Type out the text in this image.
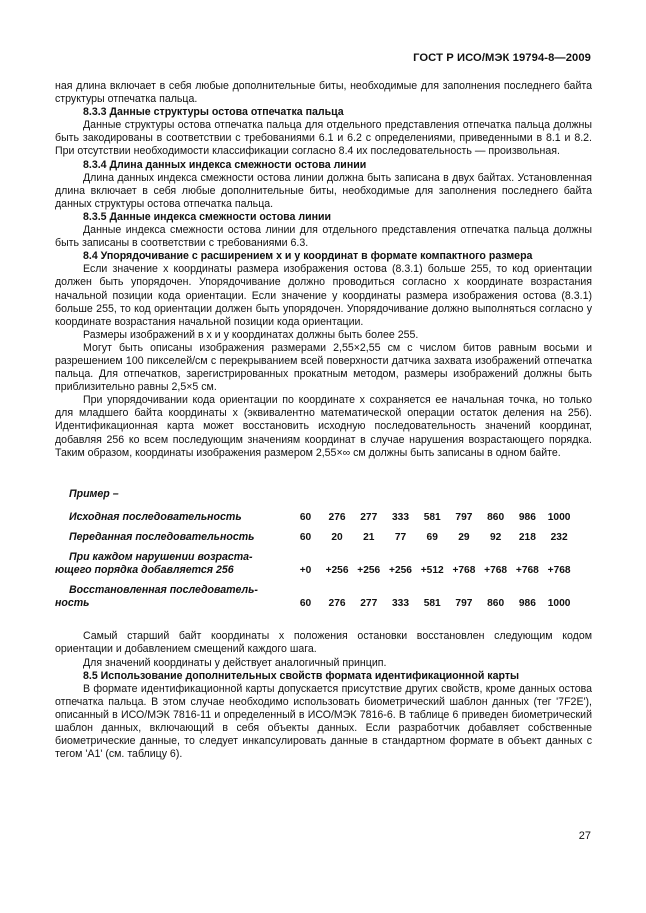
ГОСТ Р ИСО/МЭК 19794-8—2009

ная длина включает в себя любые дополнительные биты, необходимые для заполнения последнего байта структуры отпечатка пальца.

8.3.3 Данные структуры остова отпечатка пальца

Данные структуры остова отпечатка пальца для отдельного представления отпечатка пальца должны быть закодированы в соответствии с требованиями 6.1 и 6.2 с определениями, приведенными в 8.1 и 8.2. При отсутствии необходимости классификации согласно 8.4 их последовательность — произвольная.

8.3.4 Длина данных индекса смежности остова линии

Длина данных индекса смежности остова линии должна быть записана в двух байтах. Установленная длина включает в себя любые дополнительные биты, необходимые для заполнения последнего байта данных структуры остова отпечатка пальца.

8.3.5 Данные индекса смежности остова линии

Данные индекса смежности остова линии для отдельного представления отпечатка пальца должны быть записаны в соответствии с требованиями 6.3.

8.4 Упорядочивание с расширением x и y координат в формате компактного размера

Если значение x координаты размера изображения остова (8.3.1) больше 255, то код ориентации должен быть упорядочен. Упорядочивание должно проводиться согласно x координате возрастания начальной позиции кода ориентации. Если значение y координаты размера изображения остова (8.3.1) больше 255, то код ориентации должен быть упорядочен. Упорядочивание должно выполняться согласно y координате возрастания начальной позиции кода ориентации.

Размеры изображений в x и y координатах должны быть более 255.

Могут быть описаны изображения размерами 2,55×2,55 см с числом битов равным восьми и разрешением 100 пикселей/см с перекрыванием всей поверхности датчика захвата изображений отпечатка пальца. Для отпечатков, зарегистрированных прокатным методом, размеры изображений должны быть приблизительно равны 2,5×5 см.

При упорядочивании кода ориентации по координате x сохраняется ее начальная точка, но только для младшего байта координаты x (эквивалентно математической операции остаток деления на 256). Идентификационная карта может восстановить исходную последовательность значений координат, добавляя 256 ко всем последующим значениям координат в случае нарушения возрастающего порядка. Таким образом, координаты изображения размером 2,55×∞ см должны быть записаны в одном байте.

Пример –
Исходная последовательность	60	276	277	333	581	797	860	986	1000

Переданная последовательность	60	20	21	77	69	29	92	218	232

При каждом нарушении возраста-
ющего порядка добавляется 256	+0	+256	+256	+256	+512	+768	+768	+768	+768

Восстановленная последователь-
ность	60	276	277	333	581	797	860	986	1000

Самый старший байт координаты x положения остановки восстановлен следующим кодом ориентации и добавлением смещений каждого шага.

Для значений координаты y действует аналогичный принцип.

8.5 Использование дополнительных свойств формата идентификационной карты

В формате идентификационной карты допускается присутствие других свойств, кроме данных остова отпечатка пальца. В этом случае необходимо использовать биометрический шаблон данных (тег '7F2E'), описанный в ИСО/МЭК 7816-11 и определенный в ИСО/МЭК 7816-6. В таблице 6 приведен биометрический шаблон данных, включающий в себя объекты данных. Если разработчик добавляет собственные биометрические данные, то следует инкапсулировать данные в стандартном формате в объект данных с тегом 'A1' (см. таблицу 6).

27
